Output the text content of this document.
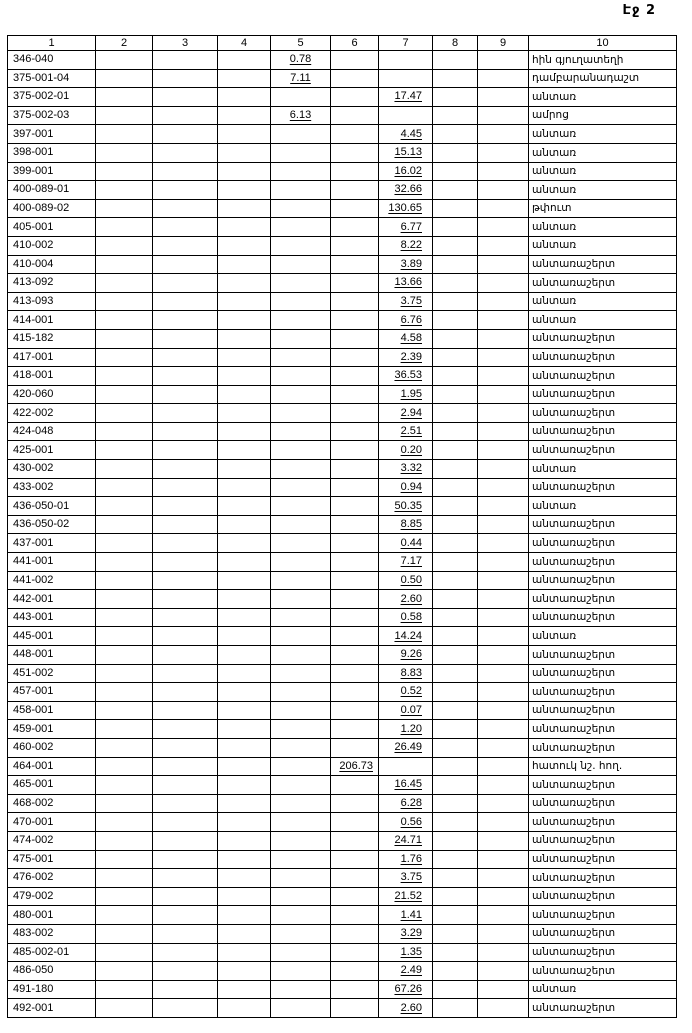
Էջ 2
1	2	3	4	5	6	7	8	9	10
346-040				0.78					հին գյուղատեղի
375-001-04				7.11					դամբարանադաշտ
375-002-01						17.47			անտառ
375-002-03				6.13					ամրոց
397-001						4.45			անտառ
398-001						15.13			անտառ
399-001						16.02			անտառ
400-089-01						32.66			անտառ
400-089-02						130.65			թփուտ
405-001						6.77			անտառ
410-002						8.22			անտառ
410-004						3.89			անտառաշերտ
413-092						13.66			անտառաշերտ
413-093						3.75			անտառ
414-001						6.76			անտառ
415-182						4.58			անտառաշերտ
417-001						2.39			անտառաշերտ
418-001						36.53			անտառաշերտ
420-060						1.95			անտառաշերտ
422-002						2.94			անտառաշերտ
424-048						2.51			անտառաշերտ
425-001						0.20			անտառաշերտ
430-002						3.32			անտառ
433-002						0.94			անտառաշերտ
436-050-01						50.35			անտառ
436-050-02						8.85			անտառաշերտ
437-001						0.44			անտառաշերտ
441-001						7.17			անտառաշերտ
441-002						0.50			անտառաշերտ
442-001						2.60			անտառաշերտ
443-001						0.58			անտառաշերտ
445-001						14.24			անտառ
448-001						9.26			անտառաշերտ
451-002						8.83			անտառաշերտ
457-001						0.52			անտառաշերտ
458-001						0.07			անտառաշերտ
459-001						1.20			անտառաշերտ
460-002						26.49			անտառաշերտ
464-001					206.73				հատուկ նշ. հող.
465-001						16.45			անտառաշերտ
468-002						6.28			անտառաշերտ
470-001						0.56			անտառաշերտ
474-002						24.71			անտառաշերտ
475-001						1.76			անտառաշերտ
476-002						3.75			անտառաշերտ
479-002						21.52			անտառաշերտ
480-001						1.41			անտառաշերտ
483-002						3.29			անտառաշերտ
485-002-01						1.35			անտառաշերտ
486-050						2.49			անտառաշերտ
491-180						67.26			անտառ
492-001						2.60			անտառաշերտ
